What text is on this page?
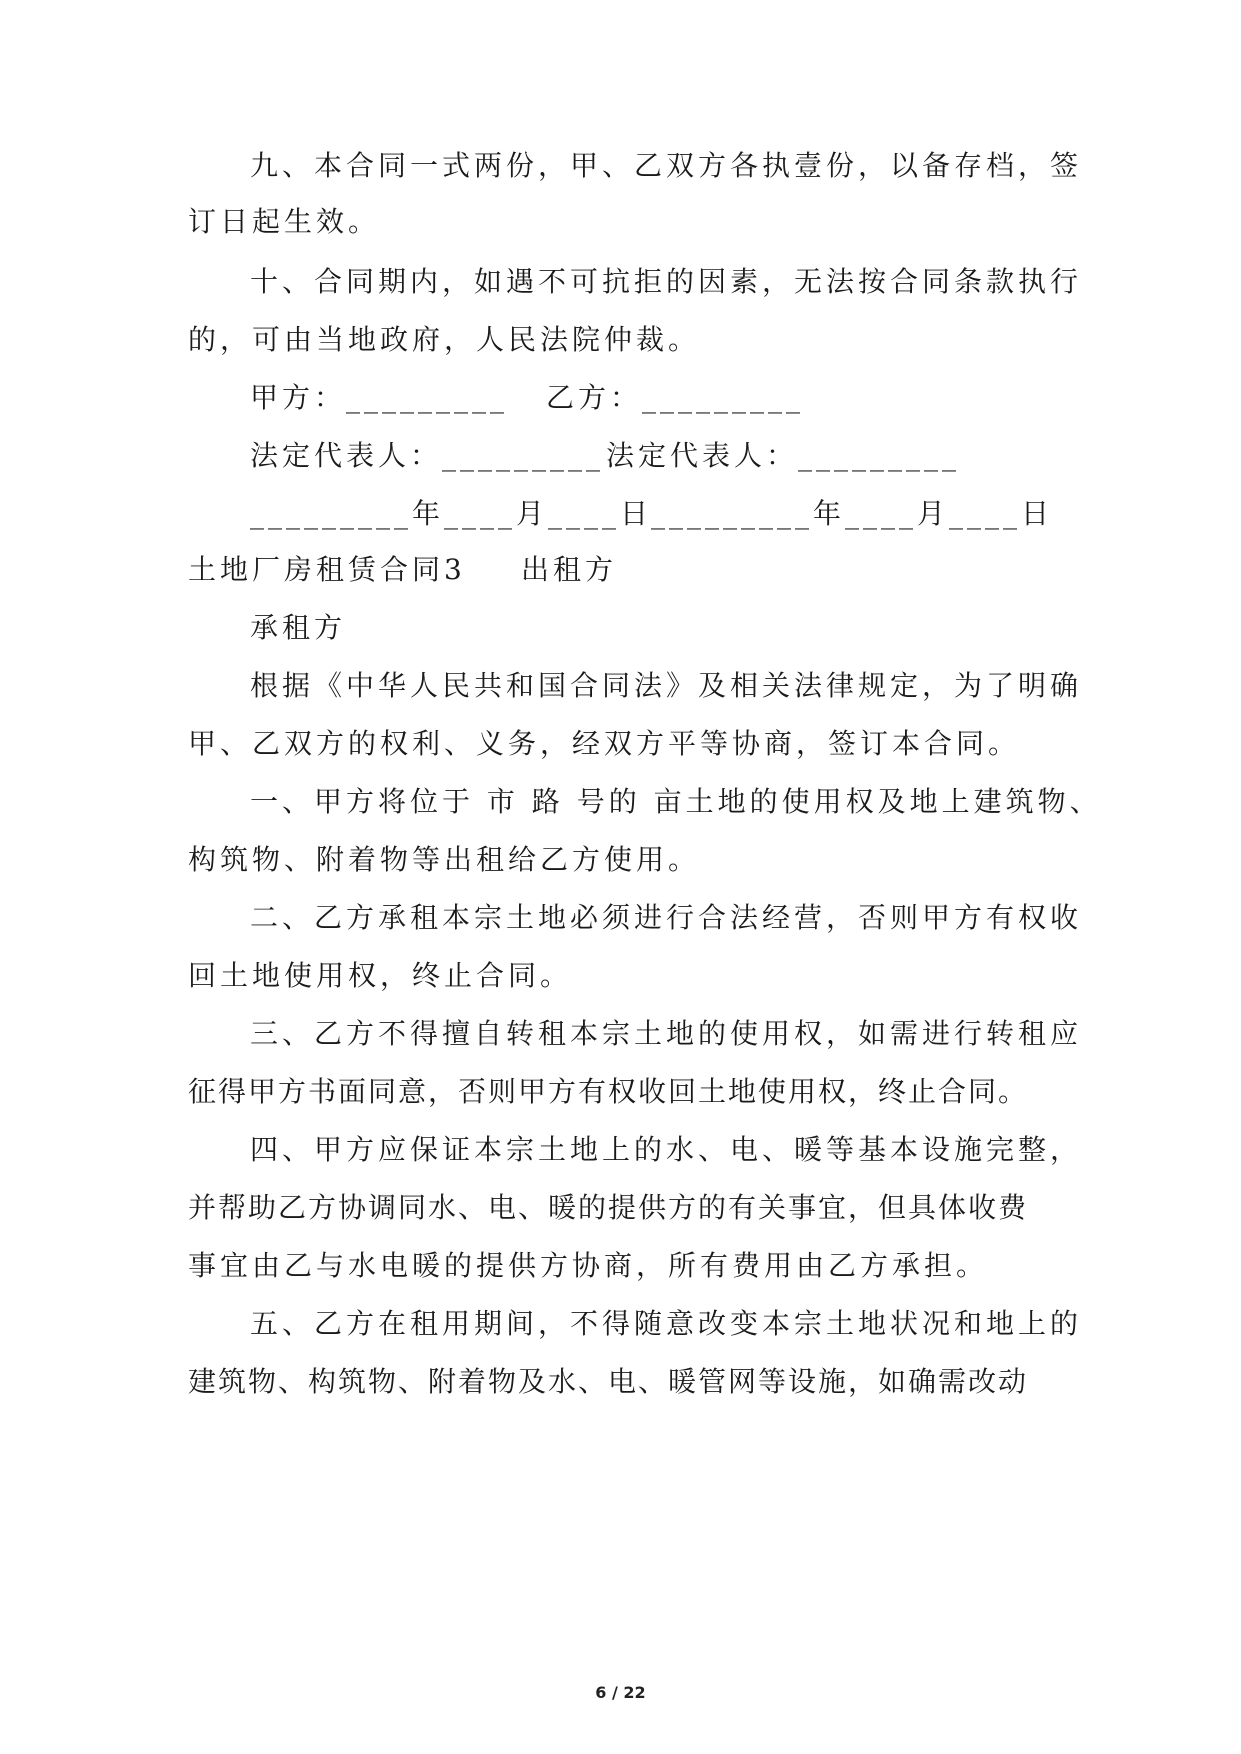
九、本合同一式两份，甲、乙双方各执壹份，以备存档，签
订日起生效。
十、合同期内，如遇不可抗拒的因素，无法按合同条款执行
的，可由当地政府，人民法院仲裁。
甲方：_________ 乙方：_________
法定代表人：_________ 法定代表人：_________
_________年____月____日
_________年____月____日
土地厂房租赁合同3 出租方
承租方
根据《中华人民共和国合同法》及相关法律规定，为了明确
甲、乙双方的权利、义务，经双方平等协商，签订本合同。
一、甲方将位于 市 路 号的 亩土地的使用权及地上建筑物、
构筑物、附着物等出租给乙方使用。
二、乙方承租本宗土地必须进行合法经营，否则甲方有权收
回土地使用权，终止合同。
三、乙方不得擅自转租本宗土地的使用权，如需进行转租应
征得甲方书面同意，否则甲方有权收回土地使用权，终止合同。
四、甲方应保证本宗土地上的水、电、暖等基本设施完整，
并帮助乙方协调同水、电、暖的提供方的有关事宜，但具体收费
事宜由乙与水电暖的提供方协商，所有费用由乙方承担。
五、乙方在租用期间，不得随意改变本宗土地状况和地上的
建筑物、构筑物、附着物及水、电、暖管网等设施，如确需改动
6 / 22
